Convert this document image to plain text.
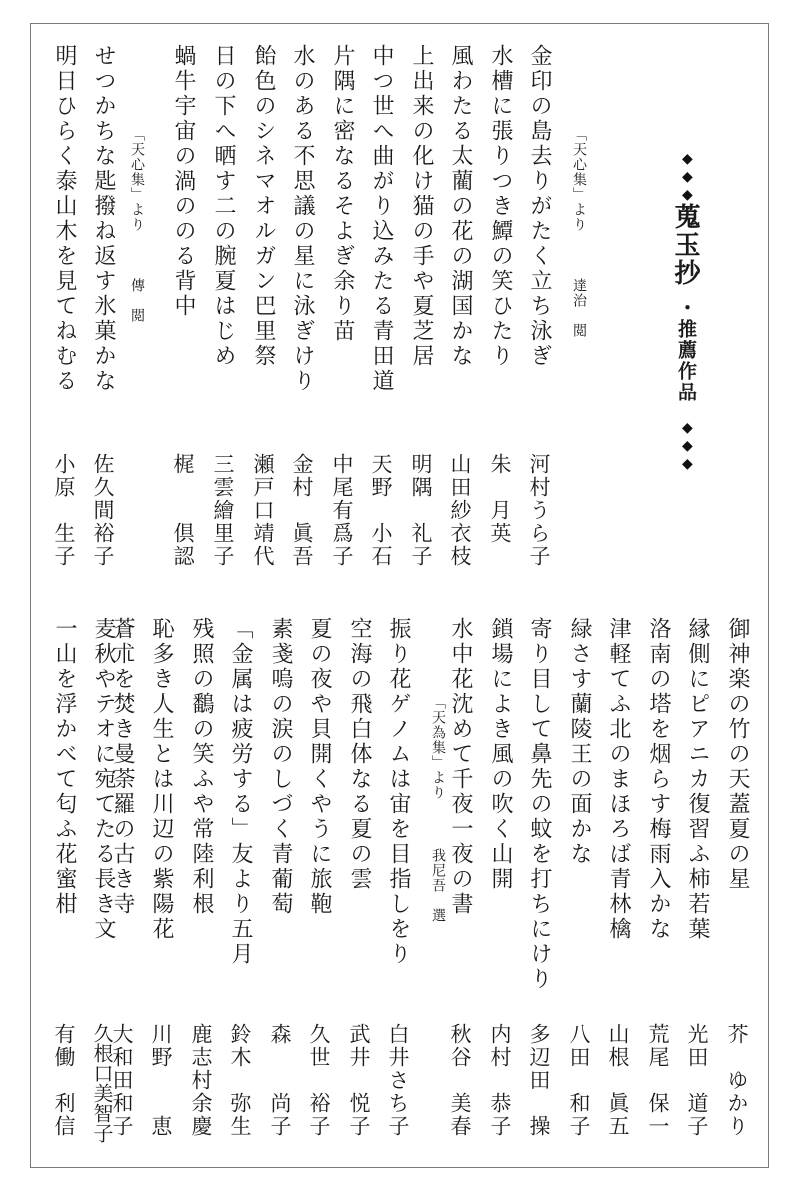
◆◆◆
蒐玉抄
・推薦作品
◆◆◆
「天心集」より
達治　閲
「天心集」より
傳　閲	金印の島去りがたく立ち泳ぎ
河村うら子
水槽に張りつき鱏の笑ひたり
朱　月英
風わたる太藺の花の湖国かな
山田紗衣枝
上出来の化け猫の手や夏芝居
明隅　礼子
中つ世へ曲がり込みたる青田道
天野　小石
片隅に密なるそよぎ余り苗
中尾有爲子
水のある不思議の星に泳ぎけり
金村　眞吾
飴色のシネマオルガン巴里祭
瀬戸口靖代
日の下へ晒す二の腕夏はじめ
三雲繪里子
蝸牛宇宙の渦ののる背中
梶　　倶認
せつかちな匙撥ね返す氷菓かな
佐久間裕子
明日ひらく泰山木を見てねむる
小原　生子
「天為集」より
我尼吾　選	御神楽の竹の天蓋夏の星
芥　ゆかり
縁側にピアニカ復習ふ柿若葉
光田　道子
洛南の塔を烟らす梅雨入かな
荒尾　保一
津軽てふ北のまほろば青林檎
山根　眞五
緑さす蘭陵王の面かな
八田　和子
寄り目して鼻先の蚊を打ちにけり
多辺田　操
鎖場によき風の吹く山開
内村　恭子
水中花沈めて千夜一夜の書
秋谷　美春
振り花ゲノムは宙を目指しをり
白井さち子
空海の飛白体なる夏の雲
武井　悦子
夏の夜や貝開くやうに旅鞄
久世　裕子
素戔嗚の涙のしづく青葡萄
森　　尚子
「金属は疲労する」友より五月
鈴木　弥生
残照の鷭の笑ふや常陸利根
鹿志村余慶
恥多き人生とは川辺の紫陽花
川野　　恵
蒼朮を焚き曼荼羅の古き寺
大和田和子
麦秋やテオに宛てたる長き文
久根口美智子
一山を浮かべて匂ふ花蜜柑
有働　利信
